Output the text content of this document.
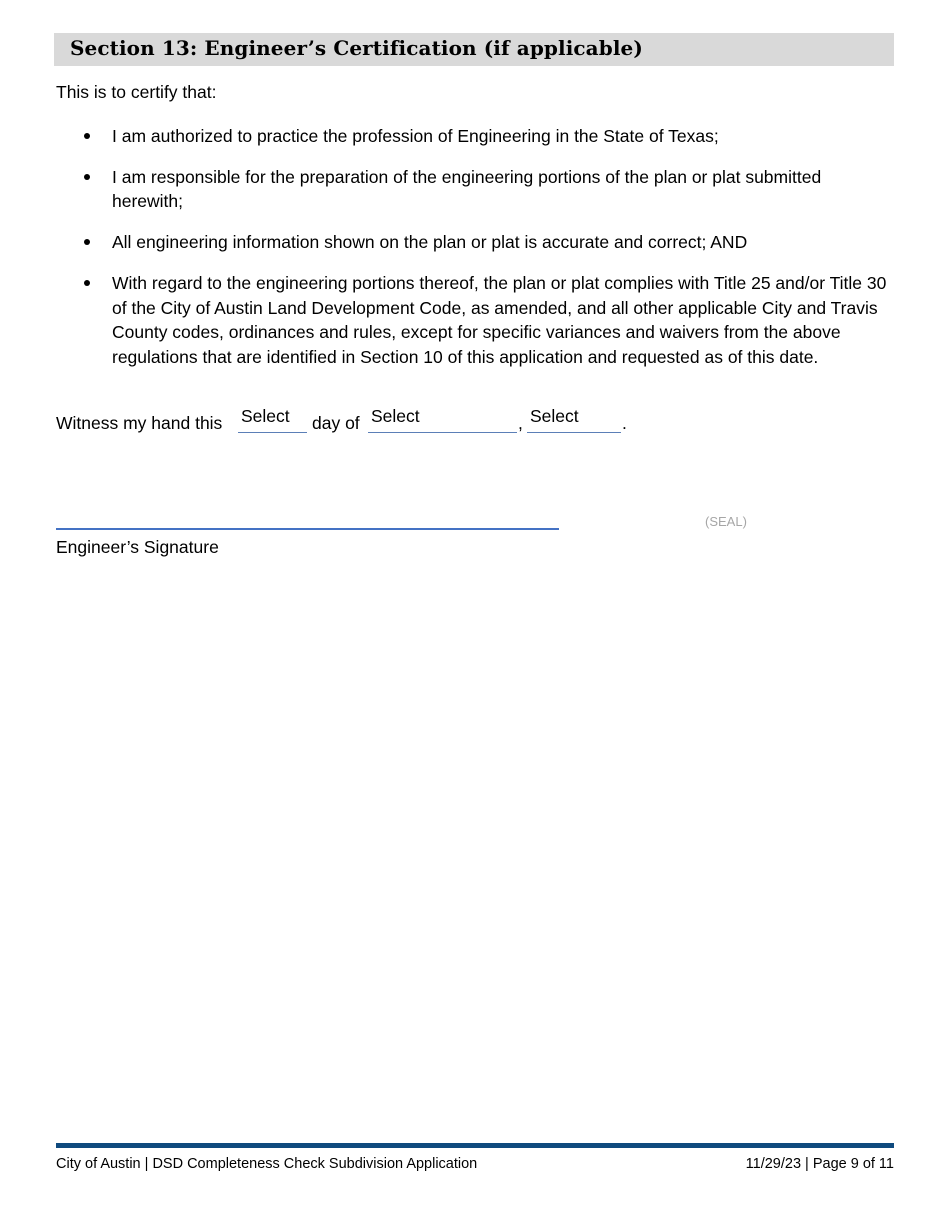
Section 13: Engineer’s Certification (if applicable)
This is to certify that:
I am authorized to practice the profession of Engineering in the State of Texas;
I am responsible for the preparation of the engineering portions of the plan or plat submitted herewith;
All engineering information shown on the plan or plat is accurate and correct; AND
With regard to the engineering portions thereof, the plan or plat complies with Title 25 and/or Title 30 of the City of Austin Land Development Code, as amended, and all other applicable City and Travis County codes, ordinances and rules, except for specific variances and waivers from the above regulations that are identified in Section 10 of this application and requested as of this date.
Witness my hand this Select	day of Select	, Select	.
(SEAL)
Engineer’s Signature
City of Austin | DSD Completeness Check Subdivision Application	11/29/23 | Page 9 of 11
